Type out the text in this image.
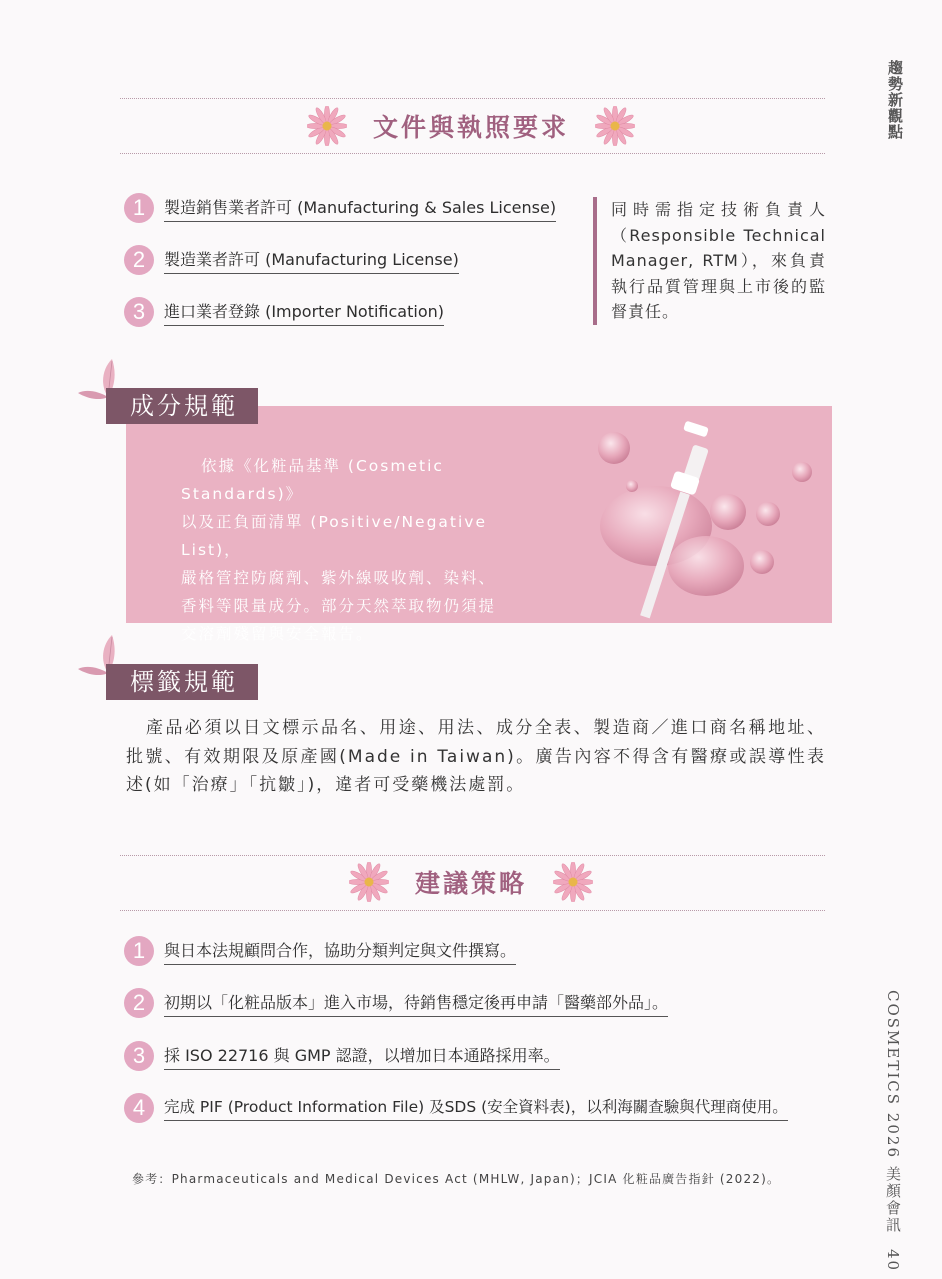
趨勢新觀點
COSMETICS 2026 美顏會訊 40
文件與執照要求
1	製造銷售業者許可 (Manufacturing & Sales License)
2	製造業者許可 (Manufacturing License)
3	進口業者登錄 (Importer Notification)
同時需指定技術負責人（Responsible Technical Manager, RTM），來負責執行品質管理與上市後的監督責任。
成分規範
依據《化粧品基準 (Cosmetic Standards)》
以及正負面清單 (Positive/Negative List)，
嚴格管控防腐劑、紫外線吸收劑、染料、
香料等限量成分。部分天然萃取物仍須提
交溶劑殘留與安全報告。
標籤規範
產品必須以日文標示品名、用途、用法、成分全表、製造商／進口商名稱地址、批號、有效期限及原產國(Made in Taiwan)。廣告內容不得含有醫療或誤導性表述(如「治療」「抗皺」)，違者可受藥機法處罰。
建議策略
1	與日本法規顧問合作，協助分類判定與文件撰寫。
2	初期以「化粧品版本」進入市場，待銷售穩定後再申請「醫藥部外品」。
3	採 ISO 22716 與 GMP 認證，以增加日本通路採用率。
4	完成 PIF (Product Information File) 及SDS (安全資料表)，以利海關查驗與代理商使用。
參考：Pharmaceuticals and Medical Devices Act (MHLW, Japan)；JCIA 化粧品廣告指針 (2022)。
